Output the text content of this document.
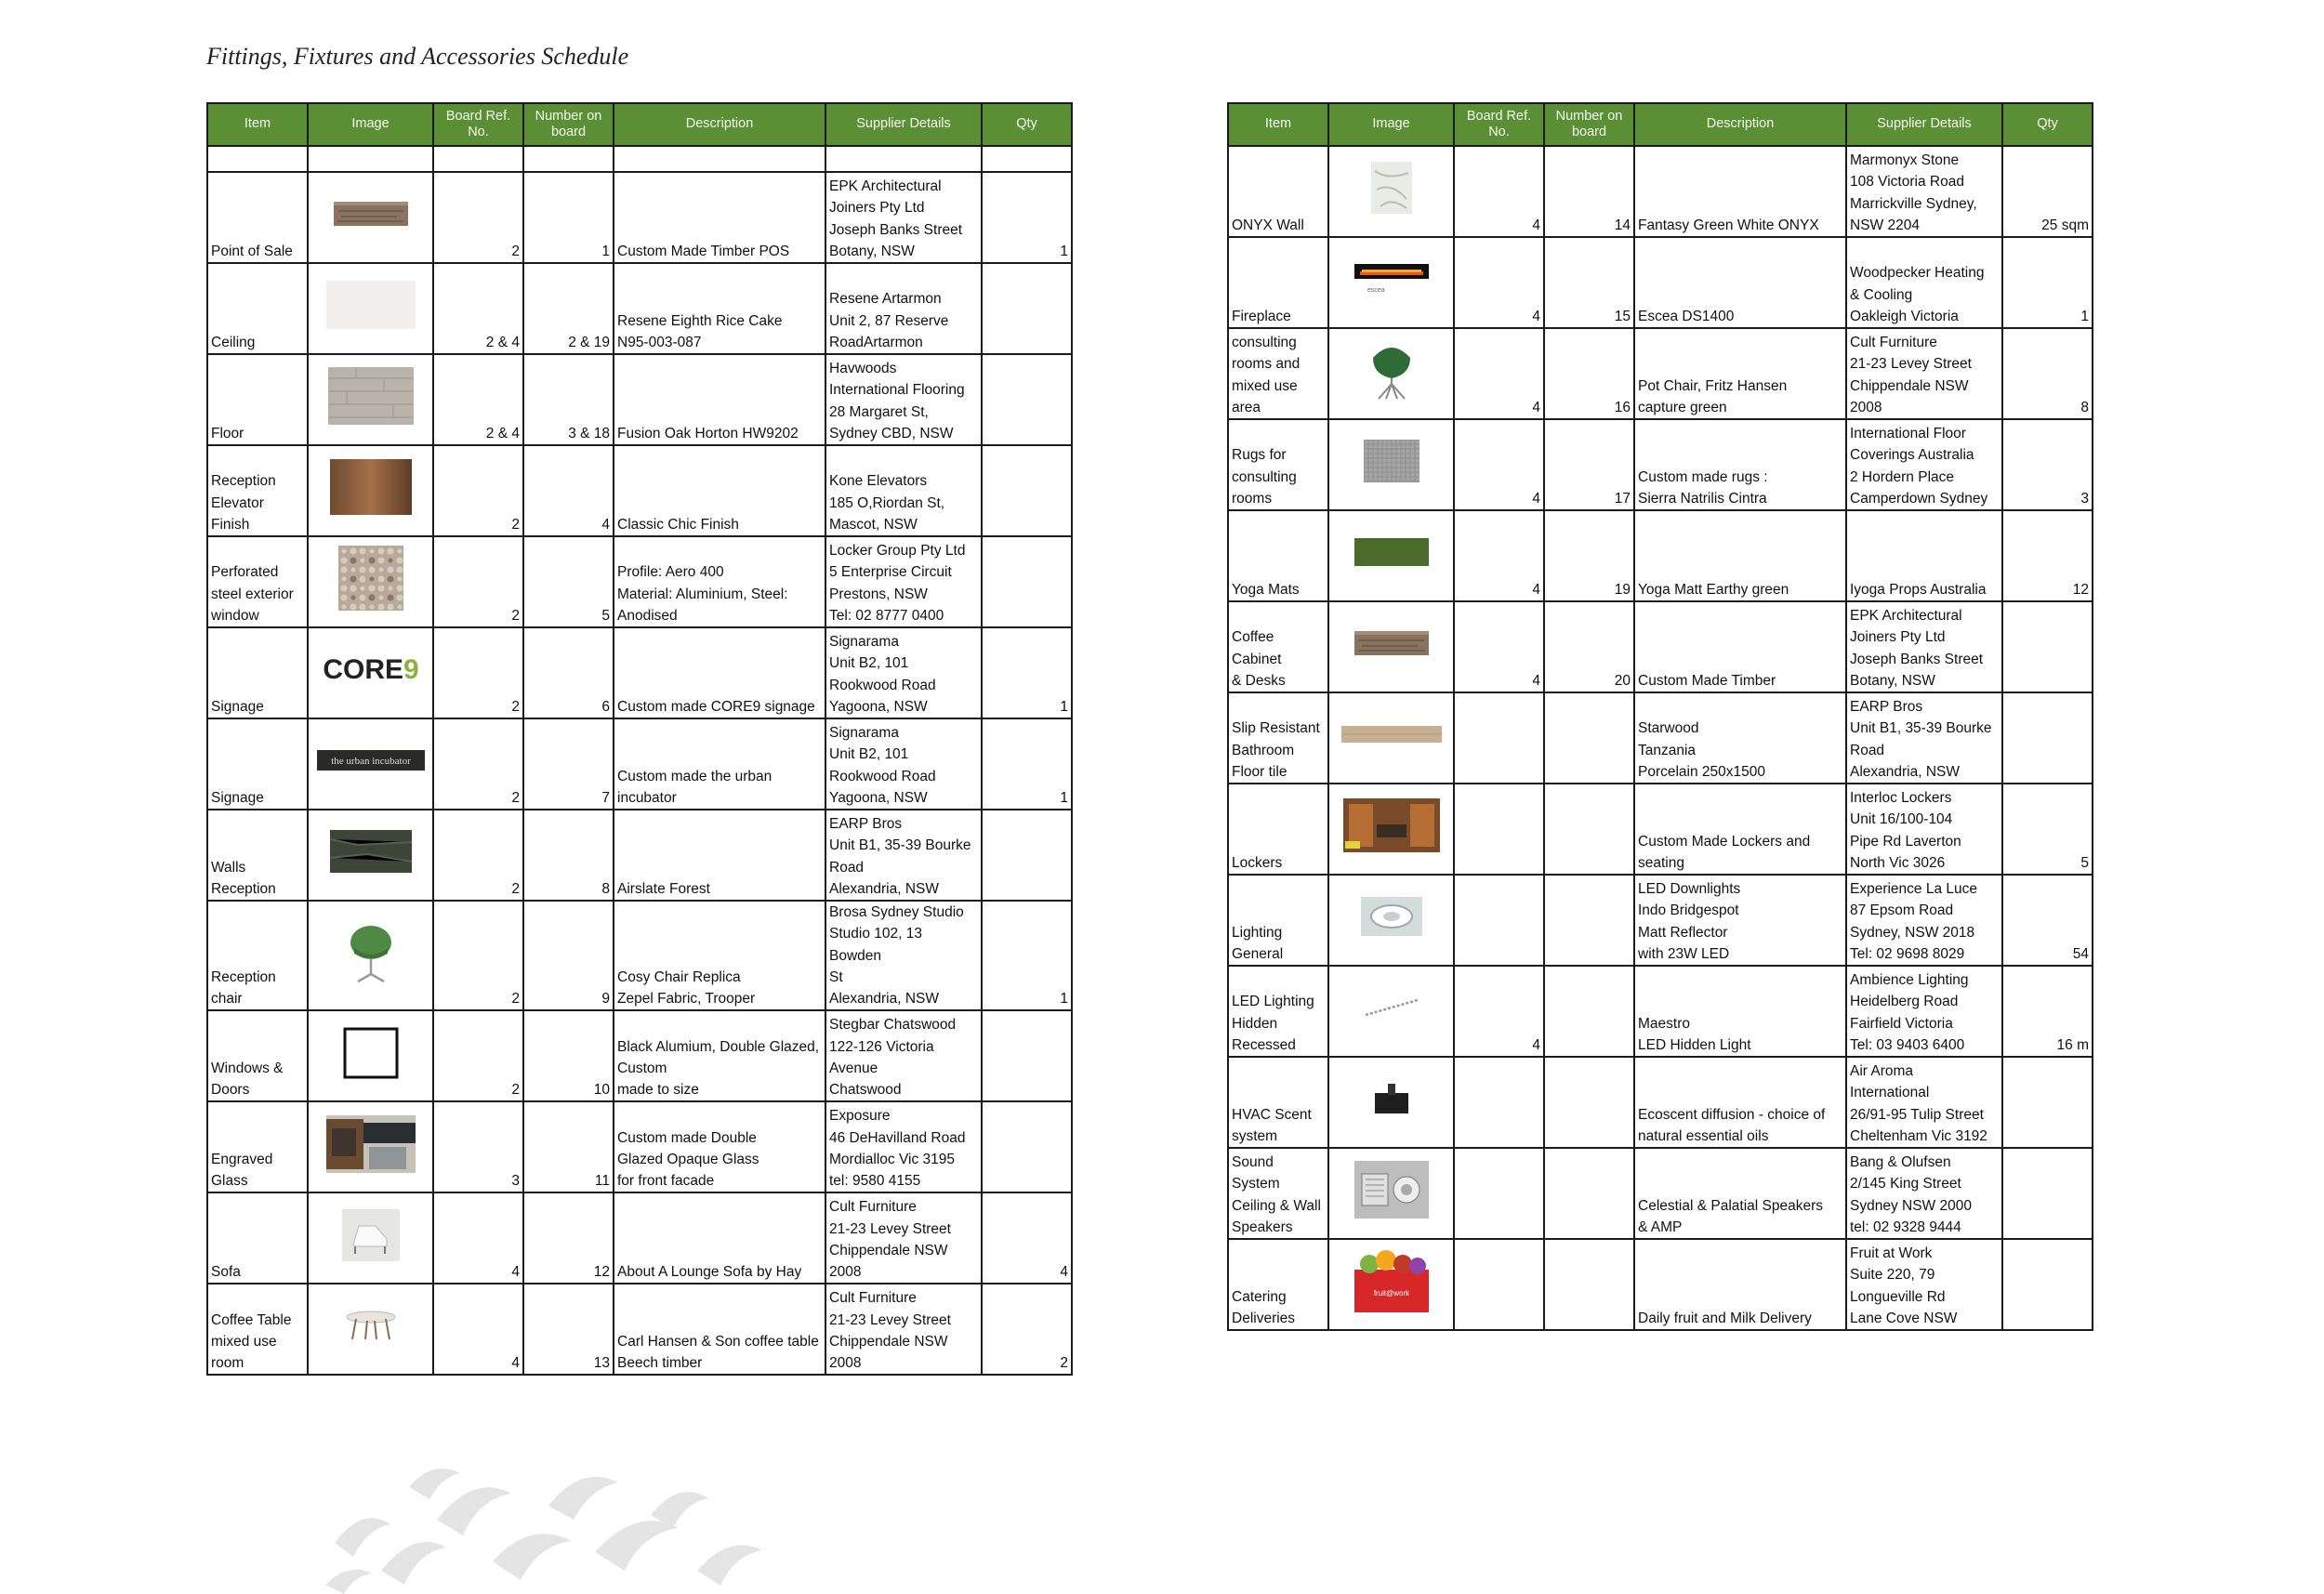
Fittings, Fixtures and Accessories Schedule
Item	Image	Board Ref. No.	Number on board	Description	Supplier Details	Qty

Point of Sale		2	1	Custom Made Timber POS	EPK Architectural
Joiners Pty Ltd
Joseph Banks Street
Botany, NSW	1
Ceiling		2 & 4	2 & 19	Resene Eighth Rice Cake
N95-003-087	Resene Artarmon
Unit 2, 87 Reserve
RoadArtarmon	
Floor		2 & 4	3 & 18	Fusion Oak Horton HW9202	Havwoods
International Flooring
28 Margaret St,
Sydney CBD, NSW	
Reception
Elevator
Finish		2	4	Classic Chic Finish	Kone Elevators
185 O,Riordan St,
Mascot, NSW	
Perforated
steel exterior
window		2	5	Profile: Aero 400
Material: Aluminium, Steel:
Anodised	Locker Group Pty Ltd
5 Enterprise Circuit
Prestons, NSW
Tel: 02 8777 0400	
Signage	CORE9	2	6	Custom made CORE9 signage	Signarama
Unit B2, 101
Rookwood Road
Yagoona, NSW	1
Signage	the urban incubator	2	7	Custom made the urban incubator	Signarama
Unit B2, 101
Rookwood Road
Yagoona, NSW	1
Walls
Reception		2	8	Airslate Forest	EARP Bros
Unit B1, 35-39 Bourke
Road
Alexandria, NSW	
Reception
chair		2	9	Cosy Chair Replica
Zepel Fabric, Trooper	Brosa Sydney Studio
Studio 102, 13 Bowden
St
Alexandria, NSW	1
Windows &
Doors		2	10	Black Alumium, Double Glazed,
Custom
made to size	Stegbar Chatswood
122-126 Victoria
Avenue
Chatswood	
Engraved Glass		3	11	Custom made Double
Glazed Opaque Glass
for front facade	Exposure
46 DeHavilland Road
Mordialloc Vic 3195
tel: 9580 4155	
Sofa		4	12	About A Lounge Sofa by Hay	Cult Furniture
21-23 Levey Street
Chippendale NSW
2008	4
Coffee Table
mixed use
room		4	13	Carl Hansen & Son coffee table
Beech timber	Cult Furniture
21-23 Levey Street
Chippendale NSW
2008	2
Item	Image	Board Ref. No.	Number on board	Description	Supplier Details	Qty
ONYX Wall		4	14	Fantasy Green White ONYX	Marmonyx Stone
108 Victoria Road
Marrickville Sydney,
NSW 2204	25 sqm
Fireplace	escea	4	15	Escea DS1400	Woodpecker Heating
& Cooling
Oakleigh Victoria	1
consulting
rooms and
mixed use
area		4	16	Pot Chair, Fritz Hansen
capture green	Cult Furniture
21-23 Levey Street
Chippendale NSW
2008	8
Rugs for
consulting
rooms		4	17	Custom made rugs :
Sierra Natrilis Cintra	International Floor
Coverings Australia
2 Hordern Place
Camperdown Sydney	3
Yoga Mats		4	19	Yoga Matt Earthy green	Iyoga Props Australia	12
Coffee
Cabinet
& Desks		4	20	Custom Made Timber	EPK Architectural
Joiners Pty Ltd
Joseph Banks Street
Botany, NSW	
Slip Resistant
Bathroom
Floor tile				Starwood
Tanzania
Porcelain 250x1500	EARP Bros
Unit B1, 35-39 Bourke
Road
Alexandria, NSW	
Lockers				Custom Made Lockers and
seating	Interloc Lockers
Unit 16/100-104
Pipe Rd Laverton
North Vic 3026	5
Lighting
General				LED Downlights
Indo Bridgespot
Matt Reflector
with 23W LED	Experience La Luce
87 Epsom Road
Sydney, NSW 2018
Tel: 02 9698 8029	54
LED Lighting
Hidden
Recessed		4		Maestro
LED Hidden Light	Ambience Lighting
Heidelberg Road
Fairfield Victoria
Tel: 03 9403 6400	16 m
HVAC Scent
system				Ecoscent diffusion - choice of
natural essential oils	Air Aroma
International
26/91-95 Tulip Street
Cheltenham Vic 3192	
Sound System
Ceiling & Wall
Speakers				Celestial & Palatial Speakers
& AMP	Bang & Olufsen
2/145 King Street
Sydney NSW 2000
tel: 02 9328 9444	
Catering
Deliveries	fruit@work			Daily fruit and Milk Delivery	Fruit at Work
Suite 220, 79
Longueville Rd
Lane Cove NSW	
